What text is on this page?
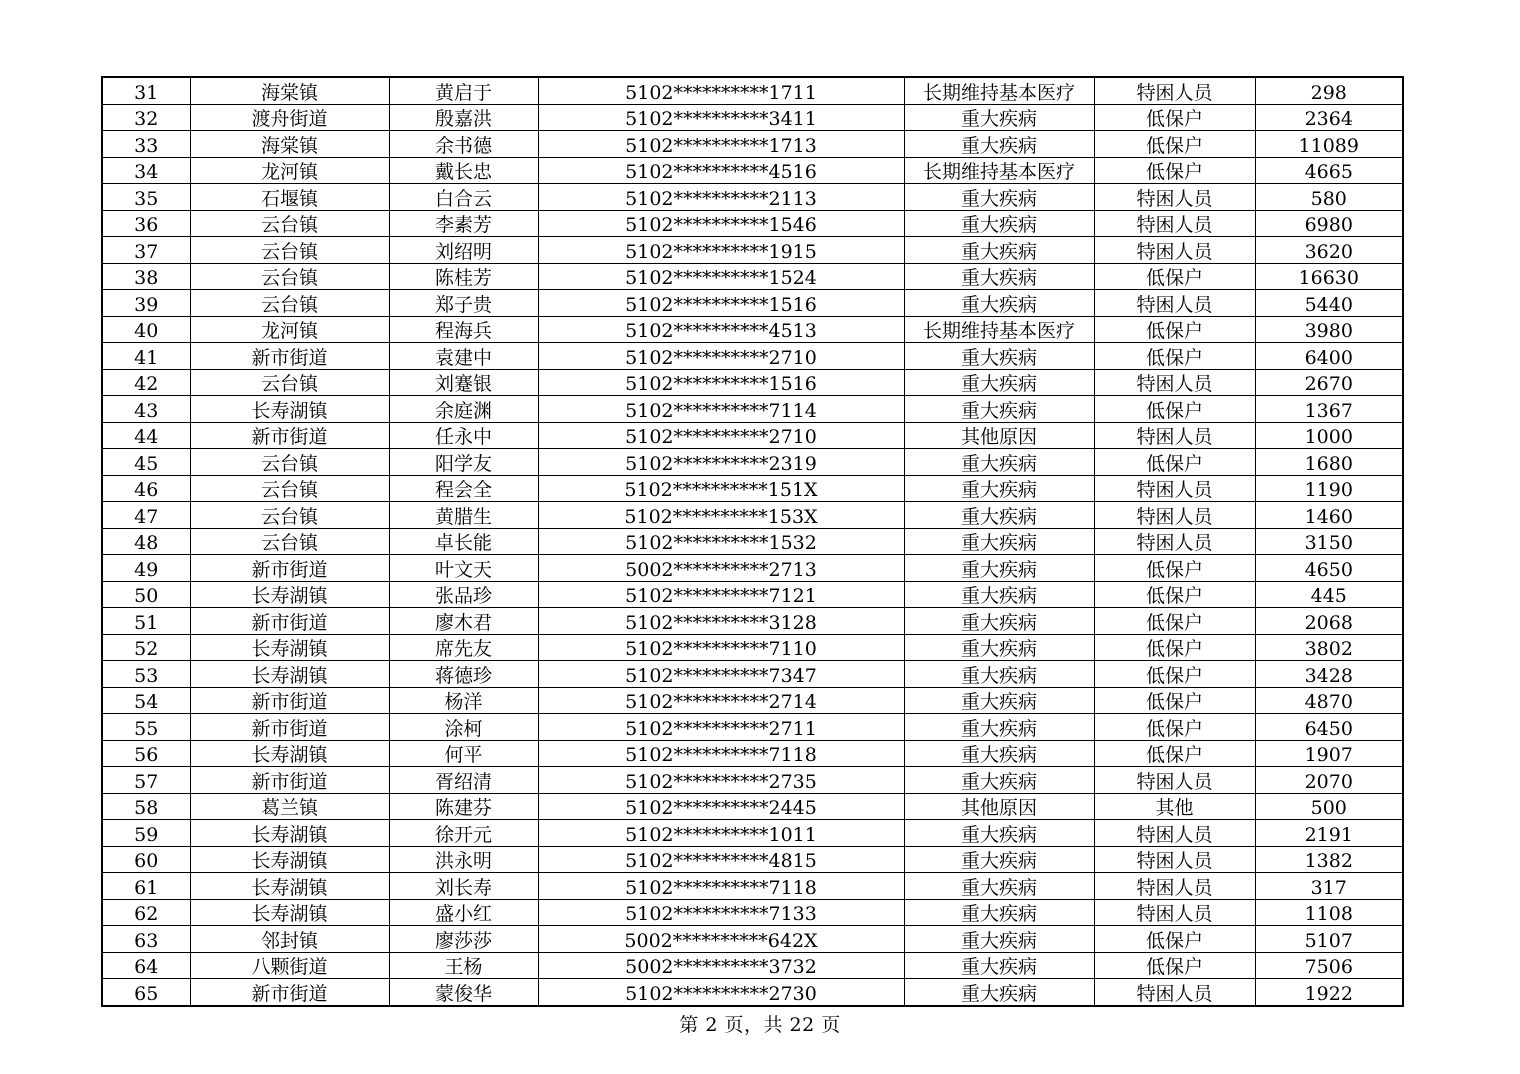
31	海棠镇	黄启于	5102**********1711	长期维持基本医疗	特困人员	298
32	渡舟街道	殷嘉洪	5102**********3411	重大疾病	低保户	2364
33	海棠镇	余书德	5102**********1713	重大疾病	低保户	11089
34	龙河镇	戴长忠	5102**********4516	长期维持基本医疗	低保户	4665
35	石堰镇	白合云	5102**********2113	重大疾病	特困人员	580
36	云台镇	李素芳	5102**********1546	重大疾病	特困人员	6980
37	云台镇	刘绍明	5102**********1915	重大疾病	特困人员	3620
38	云台镇	陈桂芳	5102**********1524	重大疾病	低保户	16630
39	云台镇	郑子贵	5102**********1516	重大疾病	特困人员	5440
40	龙河镇	程海兵	5102**********4513	长期维持基本医疗	低保户	3980
41	新市街道	袁建中	5102**********2710	重大疾病	低保户	6400
42	云台镇	刘蹇银	5102**********1516	重大疾病	特困人员	2670
43	长寿湖镇	余庭渊	5102**********7114	重大疾病	低保户	1367
44	新市街道	任永中	5102**********2710	其他原因	特困人员	1000
45	云台镇	阳学友	5102**********2319	重大疾病	低保户	1680
46	云台镇	程会全	5102**********151X	重大疾病	特困人员	1190
47	云台镇	黄腊生	5102**********153X	重大疾病	特困人员	1460
48	云台镇	卓长能	5102**********1532	重大疾病	特困人员	3150
49	新市街道	叶文天	5002**********2713	重大疾病	低保户	4650
50	长寿湖镇	张品珍	5102**********7121	重大疾病	低保户	445
51	新市街道	廖木君	5102**********3128	重大疾病	低保户	2068
52	长寿湖镇	席先友	5102**********7110	重大疾病	低保户	3802
53	长寿湖镇	蒋德珍	5102**********7347	重大疾病	低保户	3428
54	新市街道	杨洋	5102**********2714	重大疾病	低保户	4870
55	新市街道	涂柯	5102**********2711	重大疾病	低保户	6450
56	长寿湖镇	何平	5102**********7118	重大疾病	低保户	1907
57	新市街道	胥绍清	5102**********2735	重大疾病	特困人员	2070
58	葛兰镇	陈建芬	5102**********2445	其他原因	其他	500
59	长寿湖镇	徐开元	5102**********1011	重大疾病	特困人员	2191
60	长寿湖镇	洪永明	5102**********4815	重大疾病	特困人员	1382
61	长寿湖镇	刘长寿	5102**********7118	重大疾病	特困人员	317
62	长寿湖镇	盛小红	5102**********7133	重大疾病	特困人员	1108
63	邻封镇	廖莎莎	5002**********642X	重大疾病	低保户	5107
64	八颗街道	王杨	5002**********3732	重大疾病	低保户	7506
65	新市街道	蒙俊华	5102**********2730	重大疾病	特困人员	1922
第 2 页，共 22 页
